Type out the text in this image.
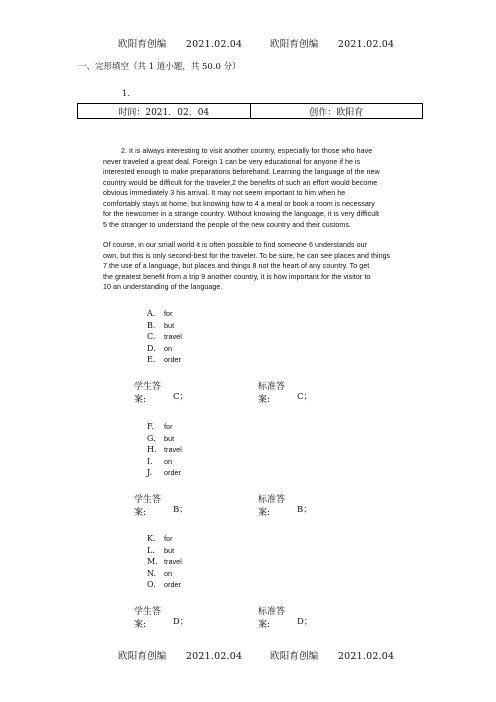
欧阳育创编　　2021.02.04	欧阳育创编　　2021.02.04
一、完形填空（共 1 道小题，共 50.0 分）
1.
时间：2021．02．04	创作：欧阳育
2. It is always interesting to visit another country, especially for those who have
never traveled a great deal. Foreign 1 can be very educational for anyone if he is
interested enough to make preparations beforehand. Learning the language of the new
country would be difficult for the traveler,2 the benefits of such an effort would become
obvious immediately 3 his arrival. It may not seem important to him when he
comfortably stays at home, but knowing how to 4 a meal or book a room is necessary
for the newcomer in a strange country. Without knowing the language, it is very difficult
5 the stranger to understand the people of the new country and their customs.
Of course, in our small world it is often possible to find someone 6 understands our
own, but this is only second-best for the traveler. To be sure, he can see places and things
7 the use of a language, but places and things 8 not the heart of any country. To get
the greatest benefit from a trip 9 another country, it is how important for the visitor to
10 an understanding of the language.
A.	for
B.	but
C.	travel
D.	on
E.	order
学生答案:	C；
标准答案:	C；
F.	for
G.	but
H.	travel
I.	on
J.	order
学生答案:	B；
标准答案:	B；
K.	for
L.	but
M. travel
N.	on
O.	order
学生答案:	D；
标准答案:	D；
欧阳育创编　　2021.02.04	欧阳育创编　　2021.02.04
